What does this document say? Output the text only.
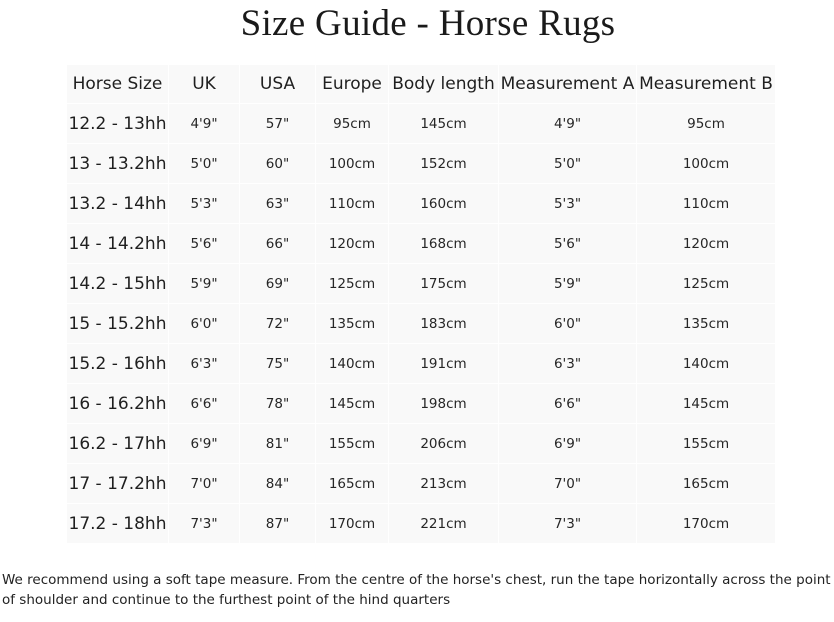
Size Guide - Horse Rugs
Horse Size	UK	USA	Europe	Body length	Measurement A	Measurement B
12.2 - 13hh	4'9"	57"	95cm	145cm	4'9"	95cm
13 - 13.2hh	5'0"	60"	100cm	152cm	5'0"	100cm
13.2 - 14hh	5'3"	63"	110cm	160cm	5'3"	110cm
14 - 14.2hh	5'6"	66"	120cm	168cm	5'6"	120cm
14.2 - 15hh	5'9"	69"	125cm	175cm	5'9"	125cm
15 - 15.2hh	6'0"	72"	135cm	183cm	6'0"	135cm
15.2 - 16hh	6'3"	75"	140cm	191cm	6'3"	140cm
16 - 16.2hh	6'6"	78"	145cm	198cm	6'6"	145cm
16.2 - 17hh	6'9"	81"	155cm	206cm	6'9"	155cm
17 - 17.2hh	7'0"	84"	165cm	213cm	7'0"	165cm
17.2 - 18hh	7'3"	87"	170cm	221cm	7'3"	170cm
We recommend using a soft tape measure. From the centre of the horse's chest, run the tape horizontally across the point of shoulder and continue to the furthest point of the hind quarters
